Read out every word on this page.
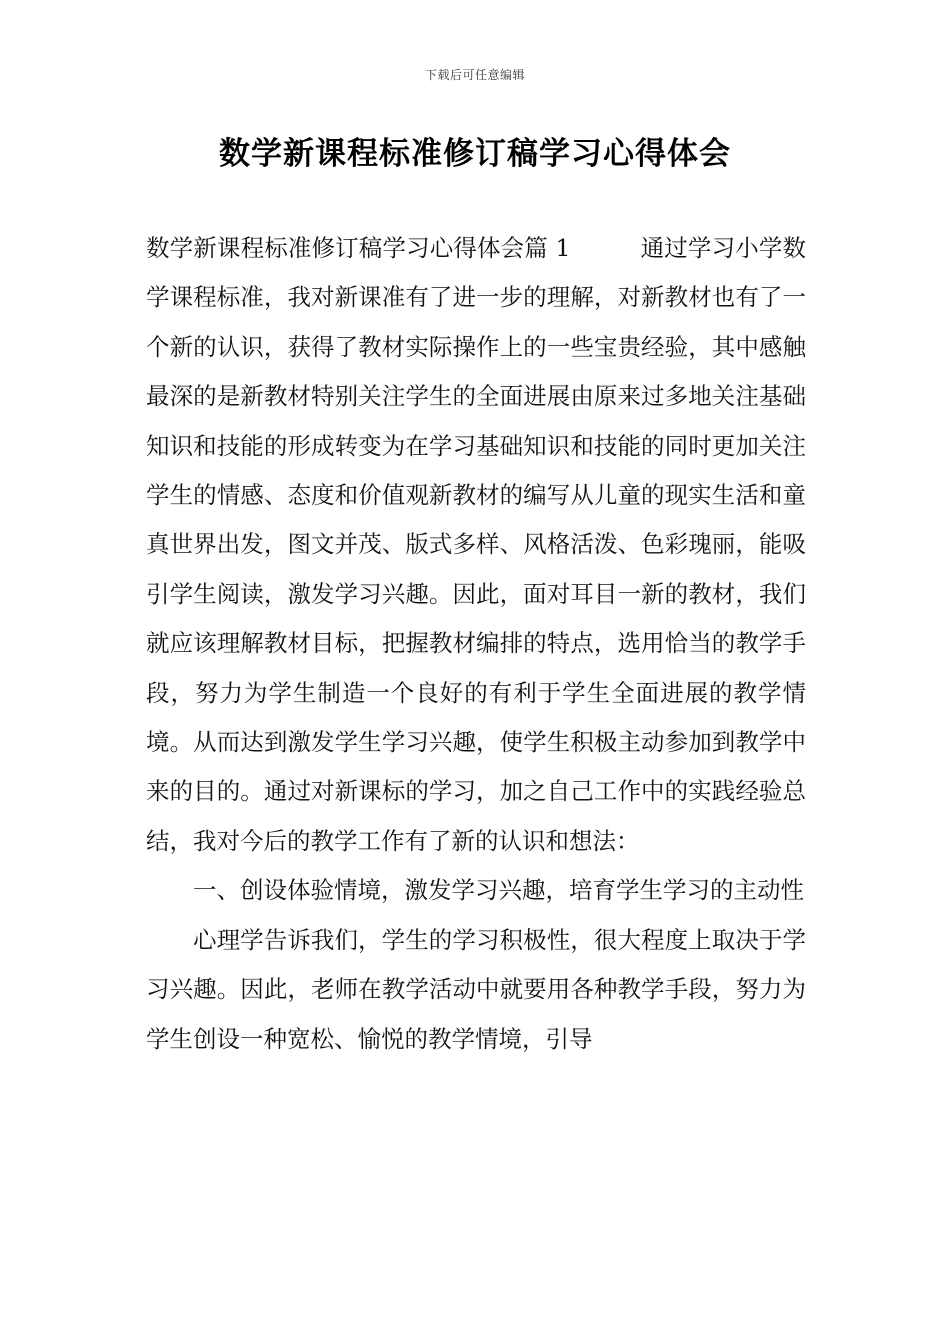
下载后可任意编辑
数学新课程标准修订稿学习心得体会

数学新课程标准修订稿学习心得体会篇 1	通过学习小学数学课程标准，我对新课准有了进一步的理解，对新教材也有了一个新的认识，获得了教材实际操作上的一些宝贵经验，其中感触最深的是新教材特别关注学生的全面进展由原来过多地关注基础知识和技能的形成转变为在学习基础知识和技能的同时更加关注学生的情感、态度和价值观新教材的编写从儿童的现实生活和童真世界出发，图文并茂、版式多样、风格活泼、色彩瑰丽，能吸引学生阅读，激发学习兴趣。因此，面对耳目一新的教材，我们就应该理解教材目标，把握教材编排的特点，选用恰当的教学手段，努力为学生制造一个良好的有利于学生全面进展的教学情境。从而达到激发学生学习兴趣，使学生积极主动参加到教学中来的目的。通过对新课标的学习，加之自己工作中的实践经验总结，我对今后的教学工作有了新的认识和想法：

一、创设体验情境，激发学习兴趣，培育学生学习的主动性

心理学告诉我们，学生的学习积极性，很大程度上取决于学习兴趣。因此，老师在教学活动中就要用各种教学手段，努力为学生创设一种宽松、愉悦的教学情境，引导
